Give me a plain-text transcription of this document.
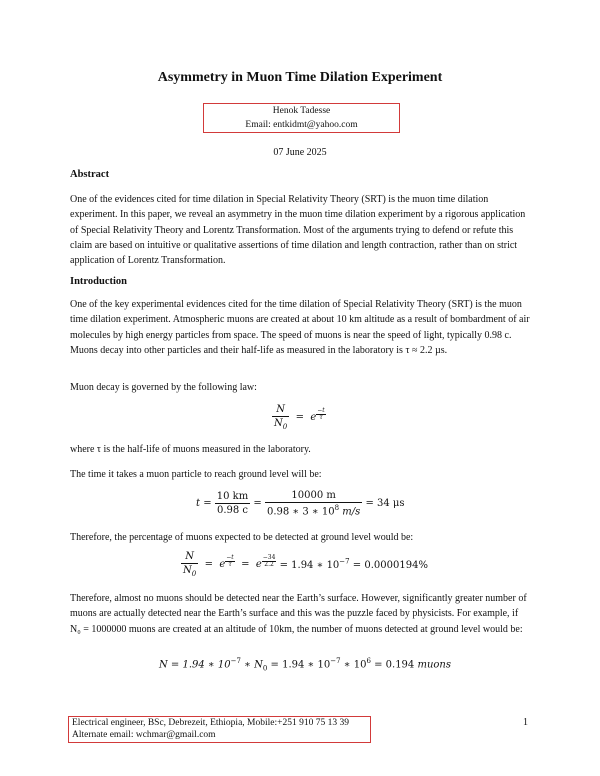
Asymmetry in Muon Time Dilation Experiment
Henok Tadesse
Email: entkidmt@yahoo.com
07 June 2025
Abstract
One of the evidences cited for time dilation in Special Relativity Theory (SRT) is the muon time dilation experiment. In this paper, we reveal an asymmetry in the muon time dilation experiment by a rigorous application of Special Relativity Theory and Lorentz Transformation. Most of the arguments trying to defend or refute this claim are based on intuitive or qualitative assertions of time dilation and length contraction, rather than on strict application of Lorentz Transformation.
Introduction
One of the key experimental evidences cited for the time dilation of Special Relativity Theory (SRT) is the muon time dilation experiment. Atmospheric muons are created at about 10 km altitude as a result of bombardment of air molecules by high energy particles from space. The speed of muons is near the speed of light, typically 0.98 c. Muons decay into other particles and their half-life as measured in the laboratory is τ ≈ 2.2 µs.
Muon decay is governed by the following law:
$\frac{N}{N_0} = e \frac{-t}{\tau}$
where τ is the half-life of muons measured in the laboratory.
The time it takes a muon particle to reach ground level will be:
$t = \frac{10 km}{0.98 c} = \frac{10000 m}{0.98 ∗ 3 ∗ 10^8 m/s} = 34$ μs
Therefore, the percentage of muons expected to be detected at ground level would be:
$\frac{N}{N_0} = e \frac{-t}{\tau} = e \frac{-34}{2.2} = 1.94$ ∗ $10^{-7} = 0.0000194\%$
Therefore, almost no muons should be detected near the Earth’s surface. However, significantly greater number of muons are actually detected near the Earth’s surface and this was the puzzle faced by physicists. For example, if N₀ = 1000000 muons are created at an altitude of 10km, the number of muons detected at ground level would be:
N = 1.94 ∗ $10^{-7}$ ∗ $N_0 = 1.94$ ∗ $10^{-7}$ ∗ $10^6 = 0.194$ muons
Electrical engineer, BSc, Debrezeit, Ethiopia, Mobile:+251 910 75 13 39
Alternate email: wchmar@gmail.com
1
